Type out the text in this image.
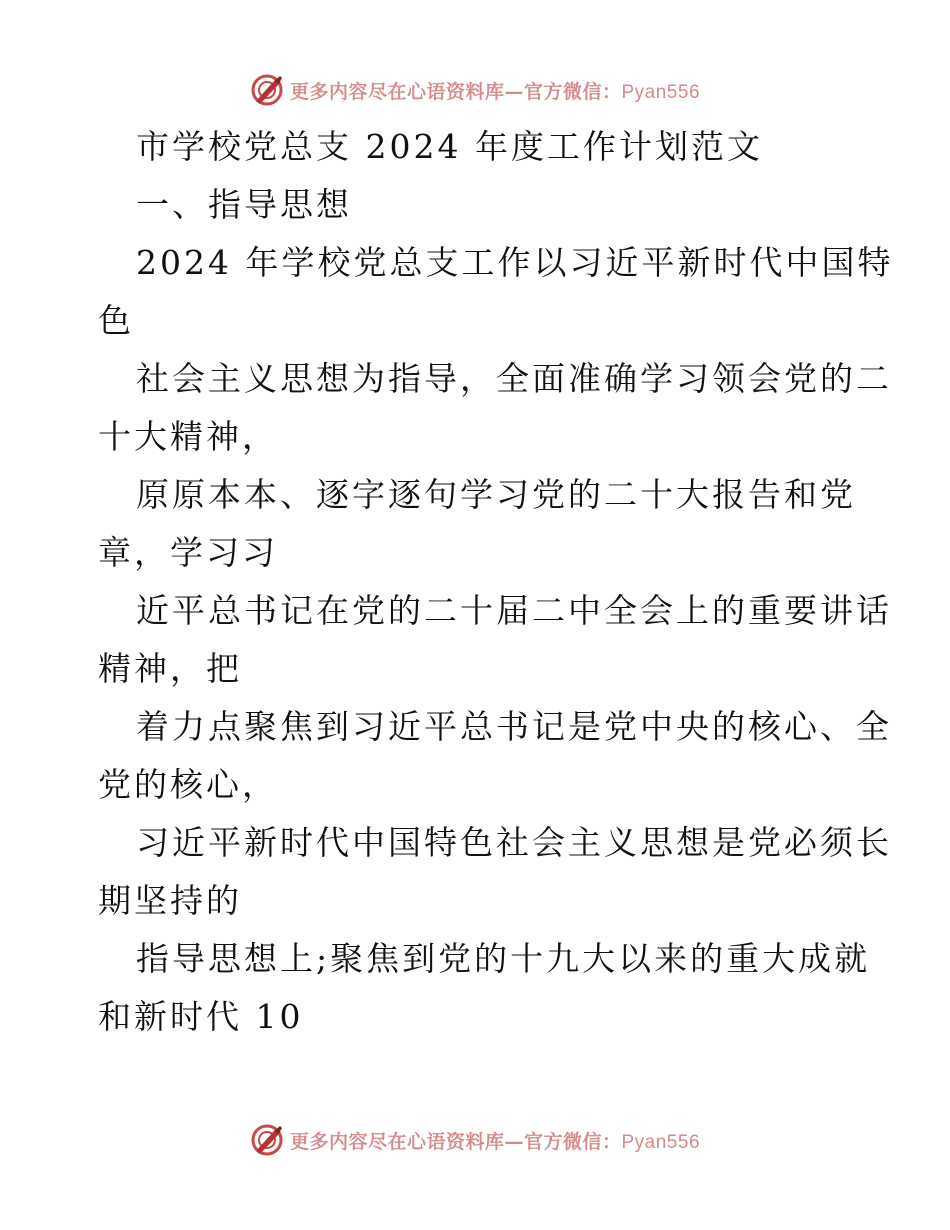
更多内容尽在心语资料库—官方微信：Pyan556
市学校党总支 2024 年度工作计划范文
一、指导思想
2024 年学校党总支工作以习近平新时代中国特
色
社会主义思想为指导，全面准确学习领会党的二
十大精神，
原原本本、逐字逐句学习党的二十大报告和党
章，学习习
近平总书记在党的二十届二中全会上的重要讲话
精神，把
着力点聚焦到习近平总书记是党中央的核心、全
党的核心，
习近平新时代中国特色社会主义思想是党必须长
期坚持的
指导思想上;聚焦到党的十九大以来的重大成就
和新时代 10
更多内容尽在心语资料库—官方微信：Pyan556
